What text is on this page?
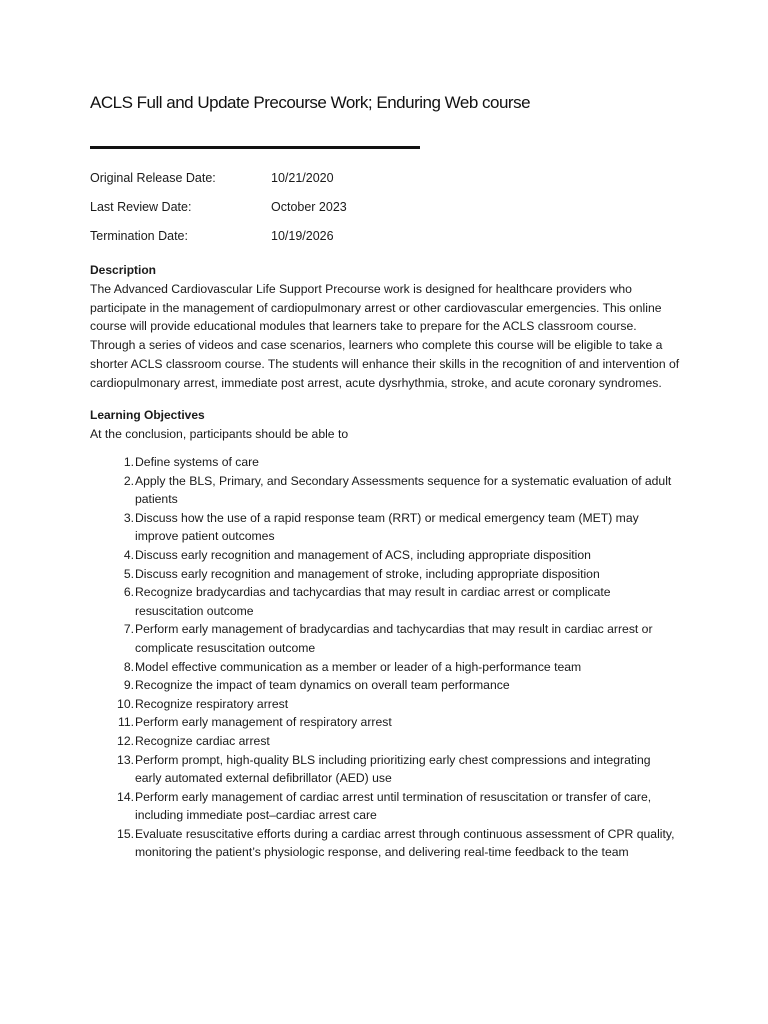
ACLS Full and Update Precourse Work; Enduring Web course
Original Release Date:	10/21/2020
Last Review Date:	October 2023
Termination Date:	10/19/2026
Description
The Advanced Cardiovascular Life Support Precourse work is designed for healthcare providers who participate in the management of cardiopulmonary arrest or other cardiovascular emergencies. This online course will provide educational modules that learners take to prepare for the ACLS classroom course. Through a series of videos and case scenarios, learners who complete this course will be eligible to take a shorter ACLS classroom course. The students will enhance their skills in the recognition of and intervention of cardiopulmonary arrest, immediate post arrest, acute dysrhythmia, stroke, and acute coronary syndromes.
Learning Objectives
At the conclusion, participants should be able to
1. Define systems of care
2. Apply the BLS, Primary, and Secondary Assessments sequence for a systematic evaluation of adult patients
3. Discuss how the use of a rapid response team (RRT) or medical emergency team (MET) may improve patient outcomes
4. Discuss early recognition and management of ACS, including appropriate disposition
5. Discuss early recognition and management of stroke, including appropriate disposition
6. Recognize bradycardias and tachycardias that may result in cardiac arrest or complicate resuscitation outcome
7. Perform early management of bradycardias and tachycardias that may result in cardiac arrest or complicate resuscitation outcome
8. Model effective communication as a member or leader of a high-performance team
9. Recognize the impact of team dynamics on overall team performance
10. Recognize respiratory arrest
11. Perform early management of respiratory arrest
12. Recognize cardiac arrest
13. Perform prompt, high-quality BLS including prioritizing early chest compressions and integrating early automated external defibrillator (AED) use
14. Perform early management of cardiac arrest until termination of resuscitation or transfer of care, including immediate post–cardiac arrest care
15. Evaluate resuscitative efforts during a cardiac arrest through continuous assessment of CPR quality, monitoring the patient’s physiologic response, and delivering real-time feedback to the team
